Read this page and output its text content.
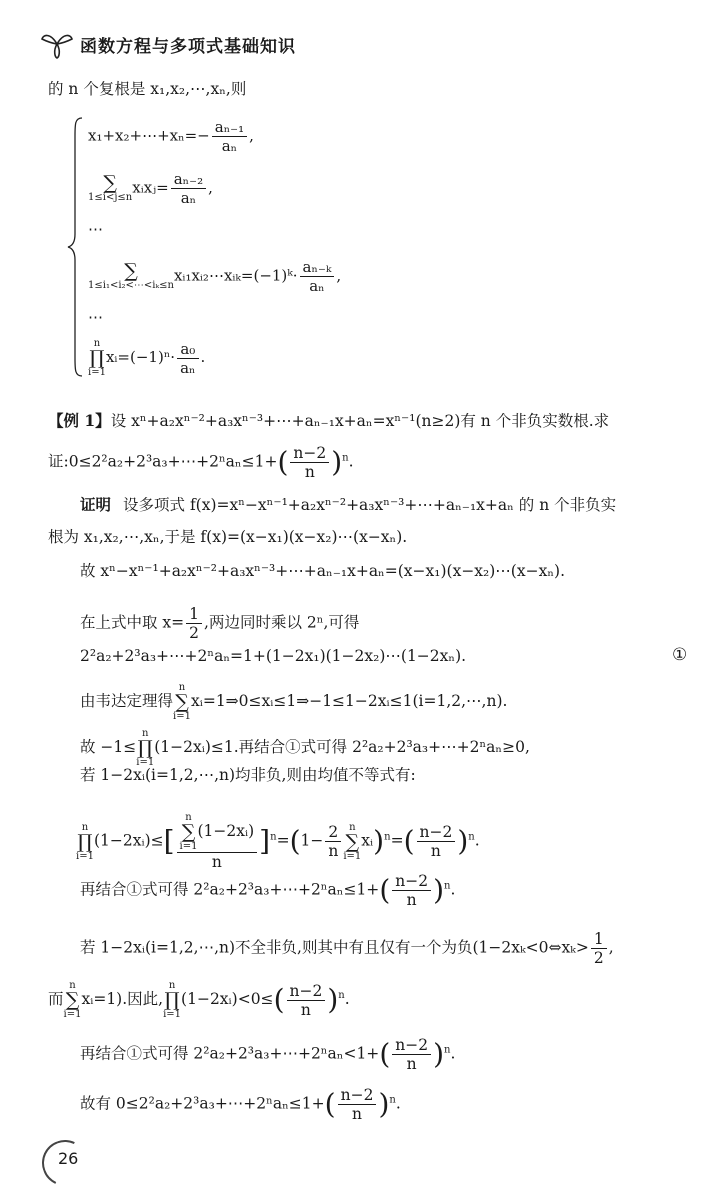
函数方程与多项式基础知识
的 n 个复根是 x₁,x₂,⋯,xₙ,则
x₁+x₂+⋯+xₙ=− $\frac{\text{aₙ₋₁}}{\text{aₙ}}$ ,
∑
1≤i<j≤nxᵢxⱼ= $\frac{\text{aₙ₋₂}}{\text{aₙ}}$ ,
⋯
∑
1≤i₁<i₂<⋯<iₖ≤nxᵢ₁xᵢ₂⋯xᵢₖ=(−1)ᵏ· $\frac{\text{aₙ₋ₖ}}{\text{aₙ}}$ ,
⋯
n
∏
i=1xᵢ=(−1)ⁿ· $\frac{\text{a₀}}{\text{aₙ}}$ .
【例 1】设 xⁿ+a₂xⁿ⁻²+a₃xⁿ⁻³+⋯+aₙ₋₁x+aₙ=xⁿ⁻¹(n≥2)有 n 个非负实数根.求
证:0≤2²a₂+2³a₃+⋯+2ⁿaₙ≤1+( $\frac{n-2}{n} )^n$.
证明 设多项式 f(x)=xⁿ−xⁿ⁻¹+a₂xⁿ⁻²+a₃xⁿ⁻³+⋯+aₙ₋₁x+aₙ 的 n 个非负实
根为 x₁,x₂,⋯,xₙ,于是 f(x)=(x−x₁)(x−x₂)⋯(x−xₙ).
故 xⁿ−xⁿ⁻¹+a₂xⁿ⁻²+a₃xⁿ⁻³+⋯+aₙ₋₁x+aₙ=(x−x₁)(x−x₂)⋯(x−xₙ).
在上式中取 $x= \frac{1}{2}$ ,两边同时乘以 2ⁿ,可得
2²a₂+2³a₃+⋯+2ⁿaₙ=1+(1−2x₁)(1−2x₂)⋯(1−2xₙ).	①
由韦达定理得n
∑
i=1xᵢ=1⇒0≤xᵢ≤1⇒−1≤1−2xᵢ≤1(i=1,2,⋯,n).
故 −1≤n
∏
i=1(1−2xᵢ)≤1.再结合①式可得 2²a₂+2³a₃+⋯+2ⁿaₙ≥0,
若 1−2xᵢ(i=1,2,⋯,n)均非负,则由均值不等式有:
n
∏
i=1(1−2xᵢ)≤[ n
∑
i=1(1−2xᵢ)
n ]$^n=(1- \frac{2}{n}$ n
∑
i=1xᵢ)$^n$=( $\frac{n-2}{n} )^n$.
再结合①式可得 2²a₂+2³a₃+⋯+2ⁿaₙ≤1+( $\frac{n-2}{n} )^n$.
若 1−2xᵢ(i=1,2,⋯,n)不全非负,则其中有且仅有一个为负(1−2xₖ<0⇔xₖ> $\frac{1}{2}$ ,
而n
∑
i=1xᵢ=1).因此,n
∏
i=1(1−2xᵢ)<0≤( $\frac{n-2}{n} )^n$.
再结合①式可得 2²a₂+2³a₃+⋯+2ⁿaₙ<1+( $\frac{n-2}{n} )^n$.
故有 0≤2²a₂+2³a₃+⋯+2ⁿaₙ≤1+( $\frac{n-2}{n} )^n$.
26
